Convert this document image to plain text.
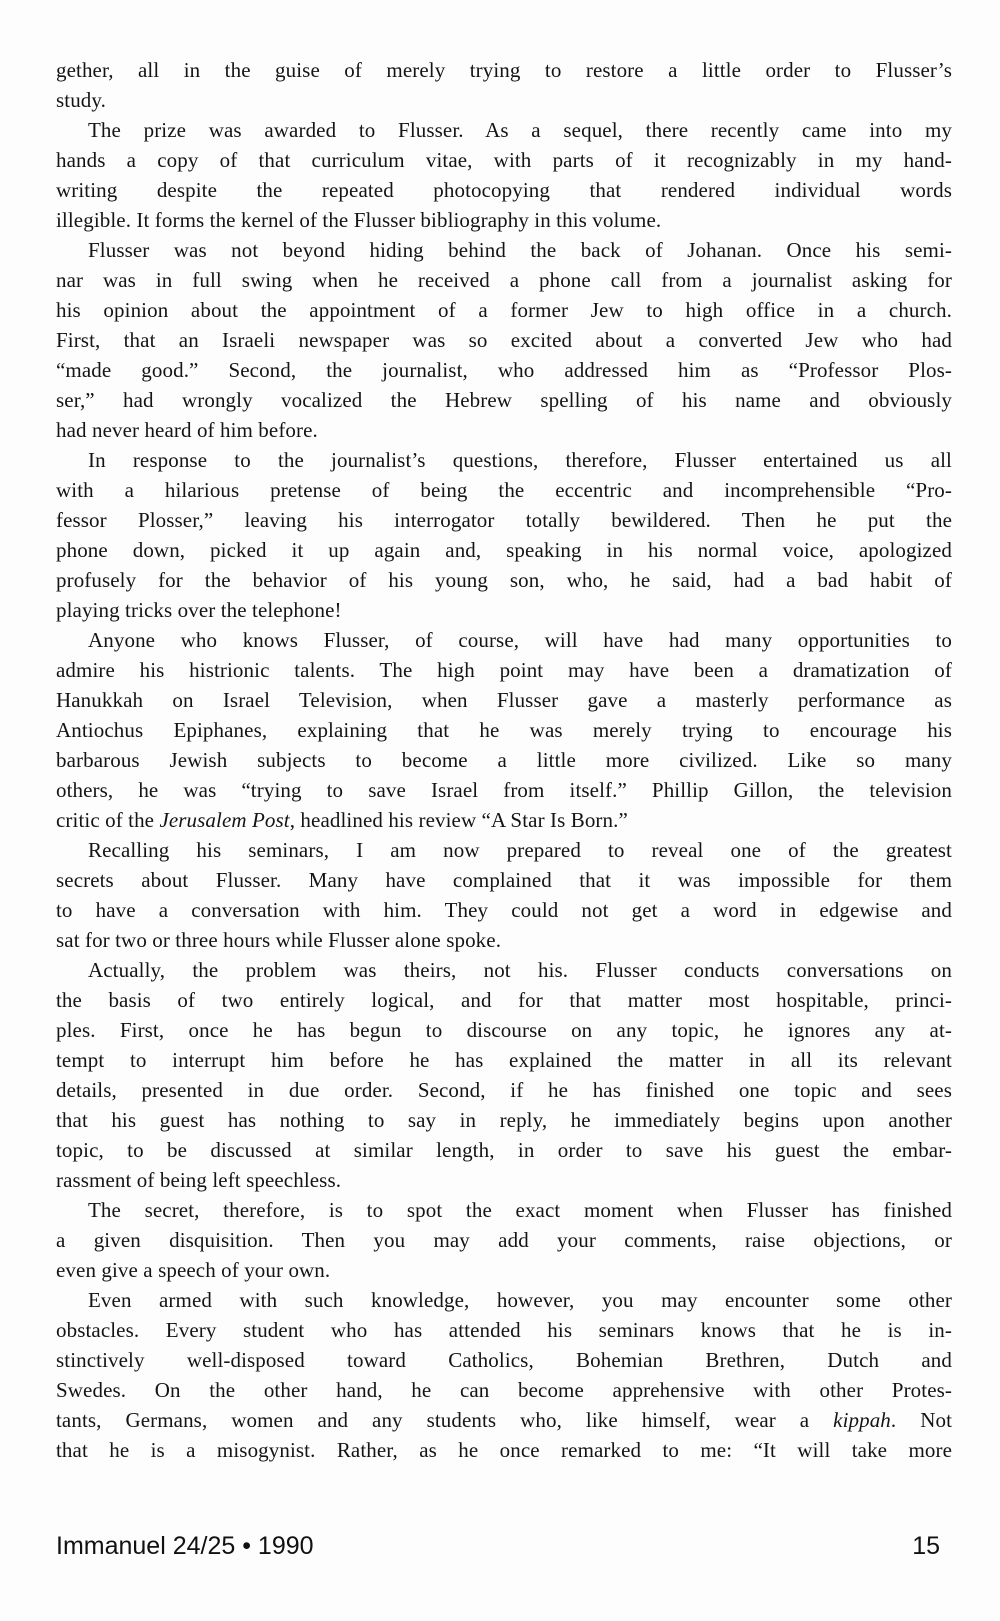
gether, all in the guise of merely trying to restore a little order to Flusser’s
study.
The prize was awarded to Flusser. As a sequel, there recently came into my
hands a copy of that curriculum vitae, with parts of it recognizably in my hand-
writing despite the repeated photocopying that rendered individual words
illegible. It forms the kernel of the Flusser bibliography in this volume.
Flusser was not beyond hiding behind the back of Johanan. Once his semi-
nar was in full swing when he received a phone call from a journalist asking for
his opinion about the appointment of a former Jew to high office in a church.
First, that an Israeli newspaper was so excited about a converted Jew who had
“made good.” Second, the journalist, who addressed him as “Professor Plos-
ser,” had wrongly vocalized the Hebrew spelling of his name and obviously
had never heard of him before.
In response to the journalist’s questions, therefore, Flusser entertained us all
with a hilarious pretense of being the eccentric and incomprehensible “Pro-
fessor Plosser,” leaving his interrogator totally bewildered. Then he put the
phone down, picked it up again and, speaking in his normal voice, apologized
profusely for the behavior of his young son, who, he said, had a bad habit of
playing tricks over the telephone!
Anyone who knows Flusser, of course, will have had many opportunities to
admire his histrionic talents. The high point may have been a dramatization of
Hanukkah on Israel Television, when Flusser gave a masterly performance as
Antiochus Epiphanes, explaining that he was merely trying to encourage his
barbarous Jewish subjects to become a little more civilized. Like so many
others, he was “trying to save Israel from itself.” Phillip Gillon, the television
critic of the Jerusalem Post, headlined his review “A Star Is Born.”
Recalling his seminars, I am now prepared to reveal one of the greatest
secrets about Flusser. Many have complained that it was impossible for them
to have a conversation with him. They could not get a word in edgewise and
sat for two or three hours while Flusser alone spoke.
Actually, the problem was theirs, not his. Flusser conducts conversations on
the basis of two entirely logical, and for that matter most hospitable, princi-
ples. First, once he has begun to discourse on any topic, he ignores any at-
tempt to interrupt him before he has explained the matter in all its relevant
details, presented in due order. Second, if he has finished one topic and sees
that his guest has nothing to say in reply, he immediately begins upon another
topic, to be discussed at similar length, in order to save his guest the embar-
rassment of being left speechless.
The secret, therefore, is to spot the exact moment when Flusser has finished
a given disquisition. Then you may add your comments, raise objections, or
even give a speech of your own.
Even armed with such knowledge, however, you may encounter some other
obstacles. Every student who has attended his seminars knows that he is in-
stinctively well-disposed toward Catholics, Bohemian Brethren, Dutch and
Swedes. On the other hand, he can become apprehensive with other Protes-
tants, Germans, women and any students who, like himself, wear a kippah. Not
that he is a misogynist. Rather, as he once remarked to me: “It will take more
Immanuel 24/25 • 1990	15
